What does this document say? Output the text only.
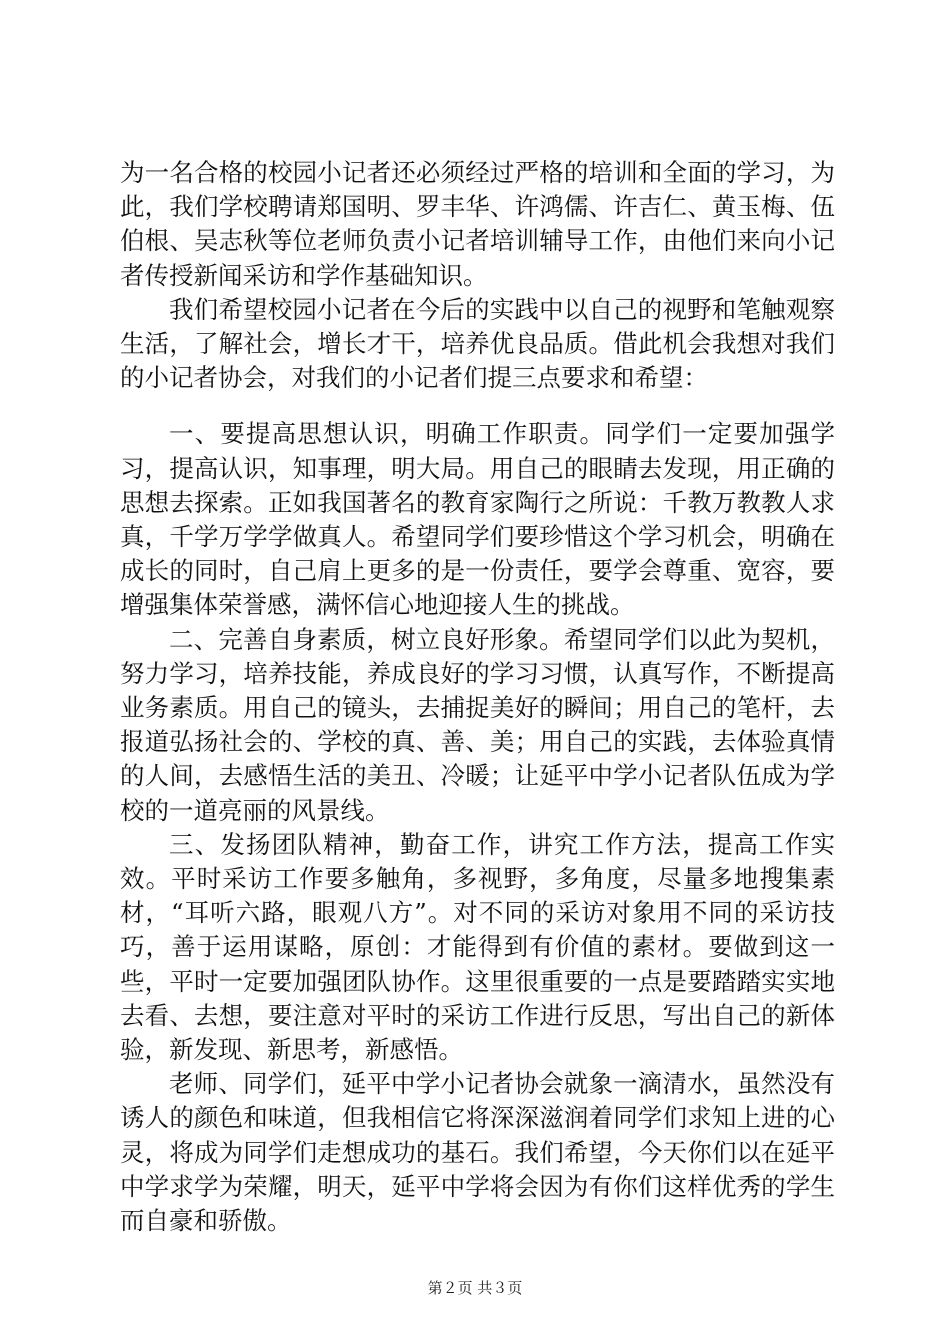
为一名合格的校园小记者还必须经过严格的培训和全面的学习，为此，我们学校聘请郑国明、罗丰华、许鸿儒、许吉仁、黄玉梅、伍伯根、吴志秋等位老师负责小记者培训辅导工作，由他们来向小记者传授新闻采访和学作基础知识。

我们希望校园小记者在今后的实践中以自己的视野和笔触观察生活，了解社会，增长才干，培养优良品质。借此机会我想对我们的小记者协会，对我们的小记者们提三点要求和希望：

一、要提高思想认识，明确工作职责。同学们一定要加强学习，提高认识，知事理，明大局。用自己的眼睛去发现，用正确的思想去探索。正如我国著名的教育家陶行之所说：千教万教教人求真，千学万学学做真人。希望同学们要珍惜这个学习机会，明确在成长的同时，自己肩上更多的是一份责任，要学会尊重、宽容，要增强集体荣誉感，满怀信心地迎接人生的挑战。

二、完善自身素质，树立良好形象。希望同学们以此为契机，努力学习，培养技能，养成良好的学习习惯，认真写作，不断提高业务素质。用自己的镜头，去捕捉美好的瞬间；用自己的笔杆，去报道弘扬社会的、学校的真、善、美；用自己的实践，去体验真情的人间，去感悟生活的美丑、冷暖；让延平中学小记者队伍成为学校的一道亮丽的风景线。

三、发扬团队精神，勤奋工作，讲究工作方法，提高工作实效。平时采访工作要多触角，多视野，多角度，尽量多地搜集素材，“耳听六路，眼观八方”。对不同的采访对象用不同的采访技巧，善于运用谋略，原创：才能得到有价值的素材。要做到这一些，平时一定要加强团队协作。这里很重要的一点是要踏踏实实地去看、去想，要注意对平时的采访工作进行反思，写出自己的新体验，新发现、新思考，新感悟。

老师、同学们，延平中学小记者协会就象一滴清水，虽然没有诱人的颜色和味道，但我相信它将深深滋润着同学们求知上进的心灵，将成为同学们走想成功的基石。我们希望，今天你们以在延平中学求学为荣耀，明天，延平中学将会因为有你们这样优秀的学生而自豪和骄傲。

第２页 共３页
